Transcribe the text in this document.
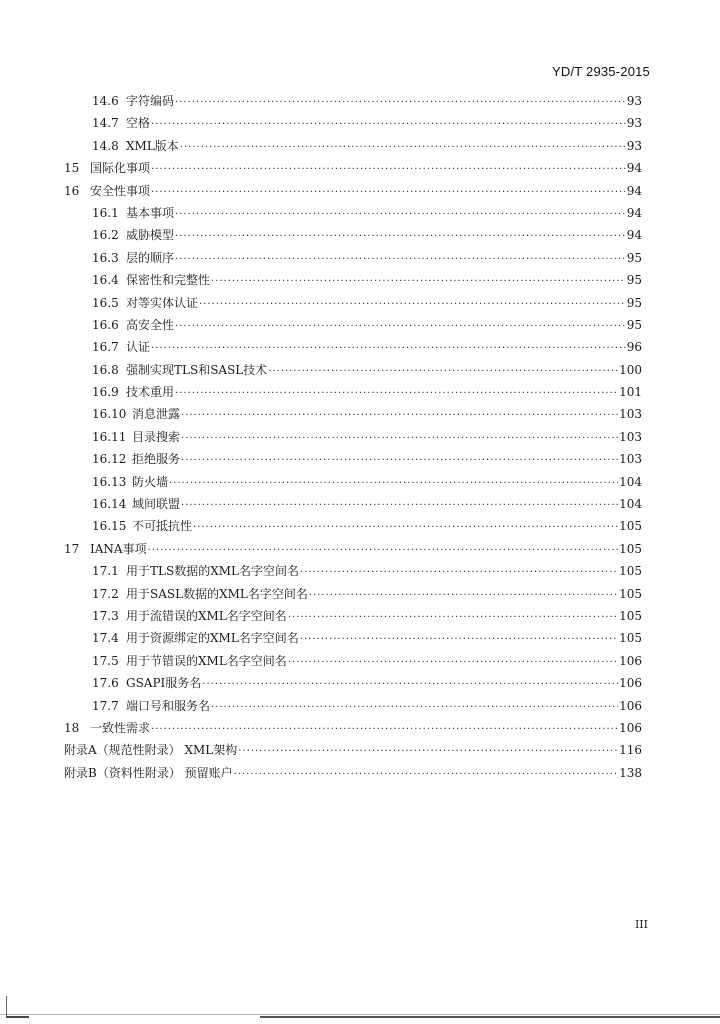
YD/T 2935-2015
14.6 字符编码 ·····	93
14.7 空格 ·····	93
14.8 XML版本 ·····	93
15 国际化事项 ·····	94
16 安全性事项 ·····	94
16.1 基本事项 ·····	94
16.2 威胁模型 ·····	94
16.3 层的顺序 ·····	95
16.4 保密性和完整性 ·····	95
16.5 对等实体认证 ·····	95
16.6 高安全性 ·····	95
16.7 认证 ·····	96
16.8 强制实现TLS和SASL技术 ·····	100
16.9 技术重用 ·····	101
16.10 消息泄露 ·····	103
16.11 目录搜索 ·····	103
16.12 拒绝服务 ·····	103
16.13 防火墙 ·····	104
16.14 域间联盟 ·····	104
16.15 不可抵抗性 ·····	105
17 IANA事项 ·····	105
17.1 用于TLS数据的XML名字空间名 ·····	105
17.2 用于SASL数据的XML名字空间名 ·····	105
17.3 用于流错误的XML名字空间名 ·····	105
17.4 用于资源绑定的XML名字空间名 ·····	105
17.5 用于节错误的XML名字空间名 ·····	106
17.6 GSAPI服务名 ·····	106
17.7 端口号和服务名 ·····	106
18 一致性需求 ·····	106
附录A（规范性附录） XML架构 ·····	116
附录B（资料性附录） 预留账户 ·····	138
III
